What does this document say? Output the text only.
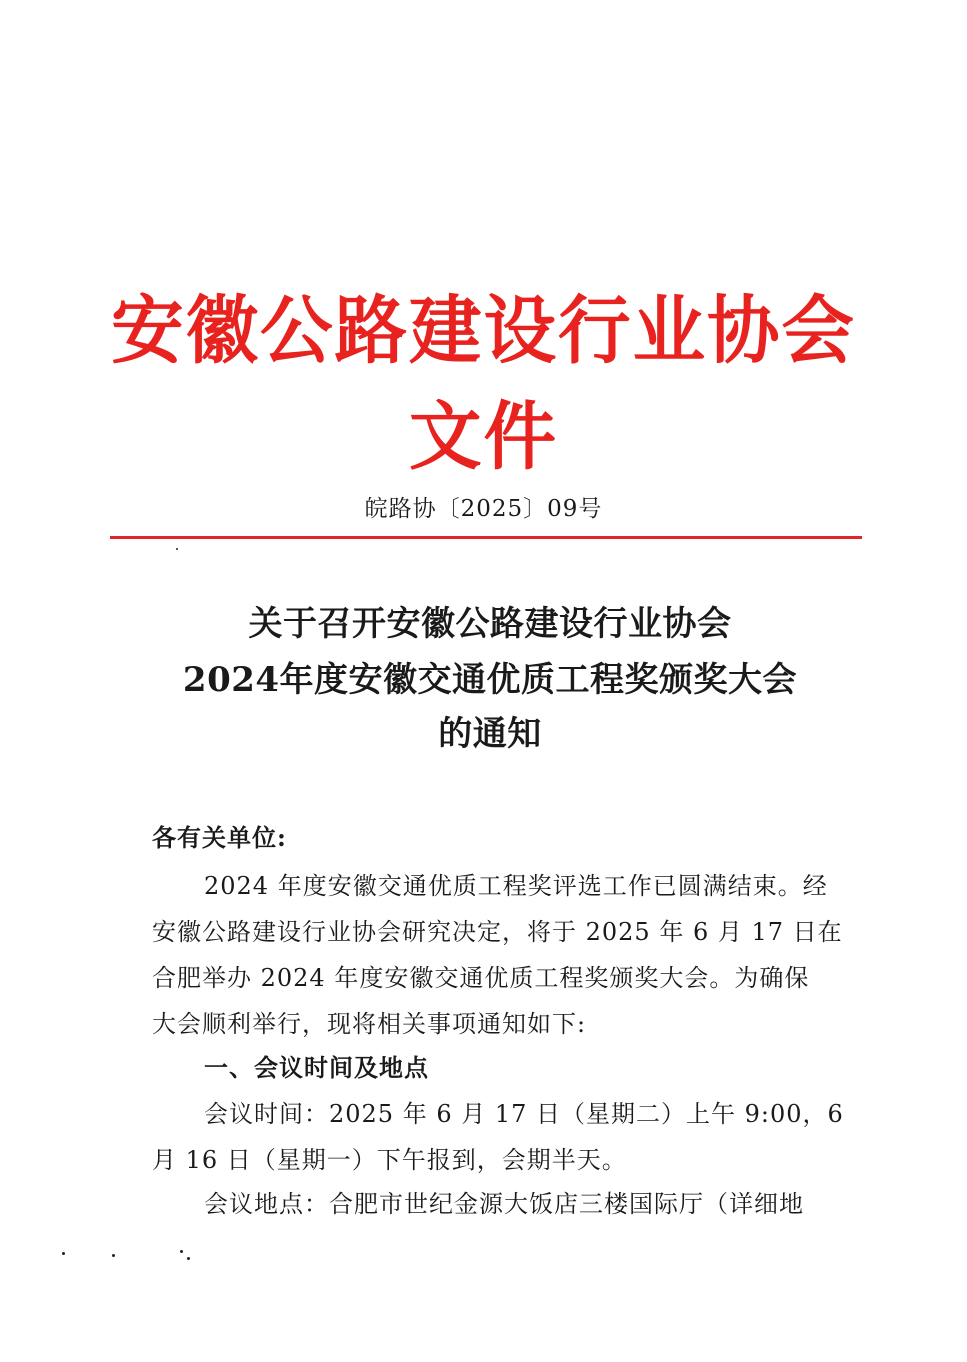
安徽公路建设行业协会文件
皖路协〔2025〕09号
关于召开安徽公路建设行业协会
2024年度安徽交通优质工程奖颁奖大会
的通知
各有关单位:
2024 年度安徽交通优质工程奖评选工作已圆满结束。经
安徽公路建设行业协会研究决定，将于 2025 年 6 月 17 日在
合肥举办 2024 年度安徽交通优质工程奖颁奖大会。为确保
大会顺利举行，现将相关事项通知如下:
一、会议时间及地点
会议时间：2025 年 6 月 17 日（星期二）上午 9:00，6
月 16 日（星期一）下午报到，会期半天。
会议地点：合肥市世纪金源大饭店三楼国际厅（详细地
